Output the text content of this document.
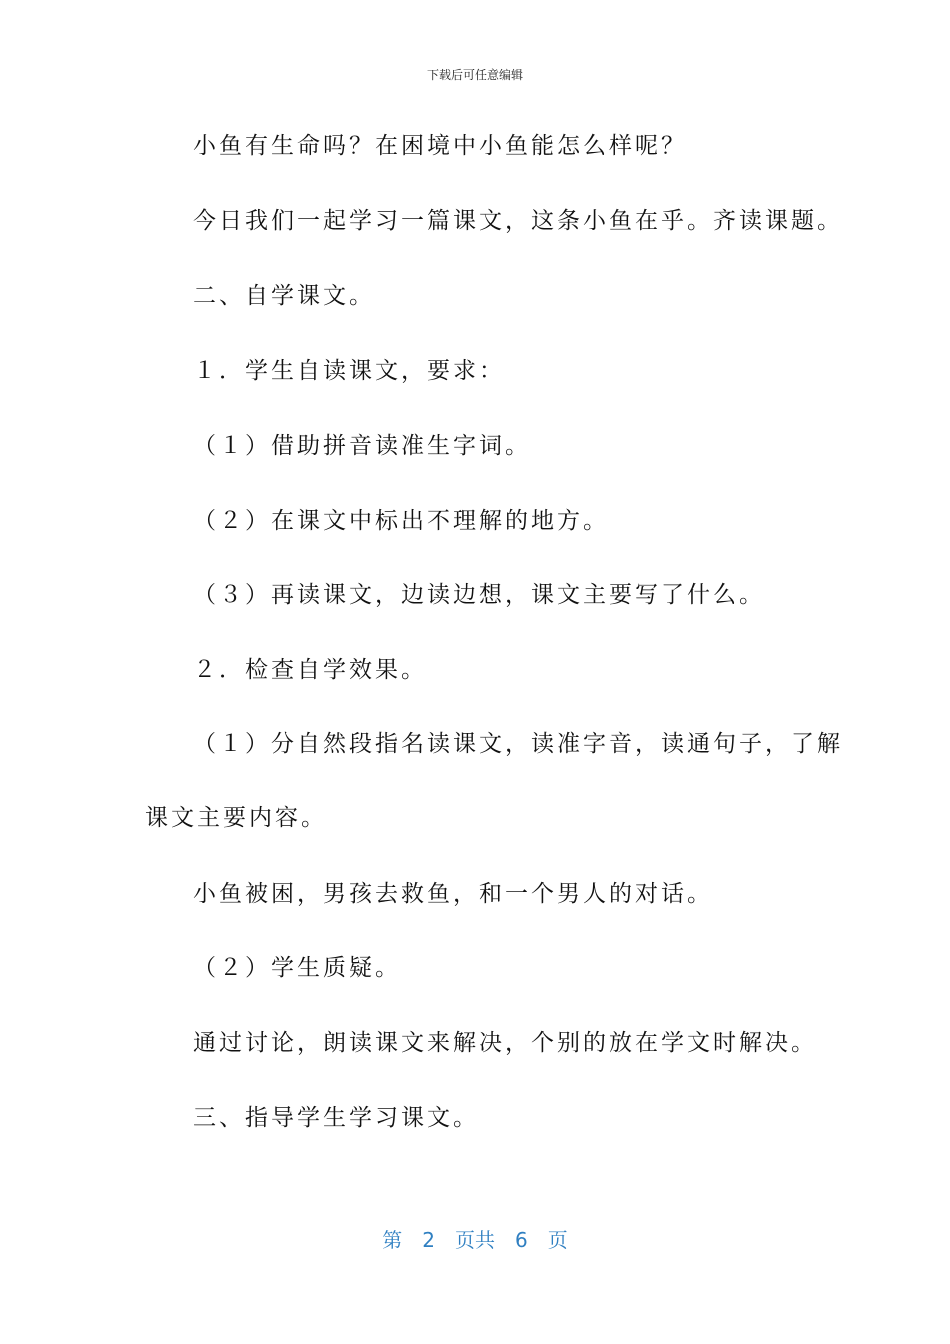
下载后可任意编辑
小鱼有生命吗？在困境中小鱼能怎么样呢？
今日我们一起学习一篇课文，这条小鱼在乎。齐读课题。
二、自学课文。
１．学生自读课文，要求：
（１）借助拼音读准生字词。
（２）在课文中标出不理解的地方。
（３）再读课文，边读边想，课文主要写了什么。
２．检查自学效果。
（１）分自然段指名读课文，读准字音，读通句子，了解
课文主要内容。
小鱼被困，男孩去救鱼，和一个男人的对话。
（２）学生质疑。
通过讨论，朗读课文来解决，个别的放在学文时解决。
三、指导学生学习课文。
第 2 页共 6 页
